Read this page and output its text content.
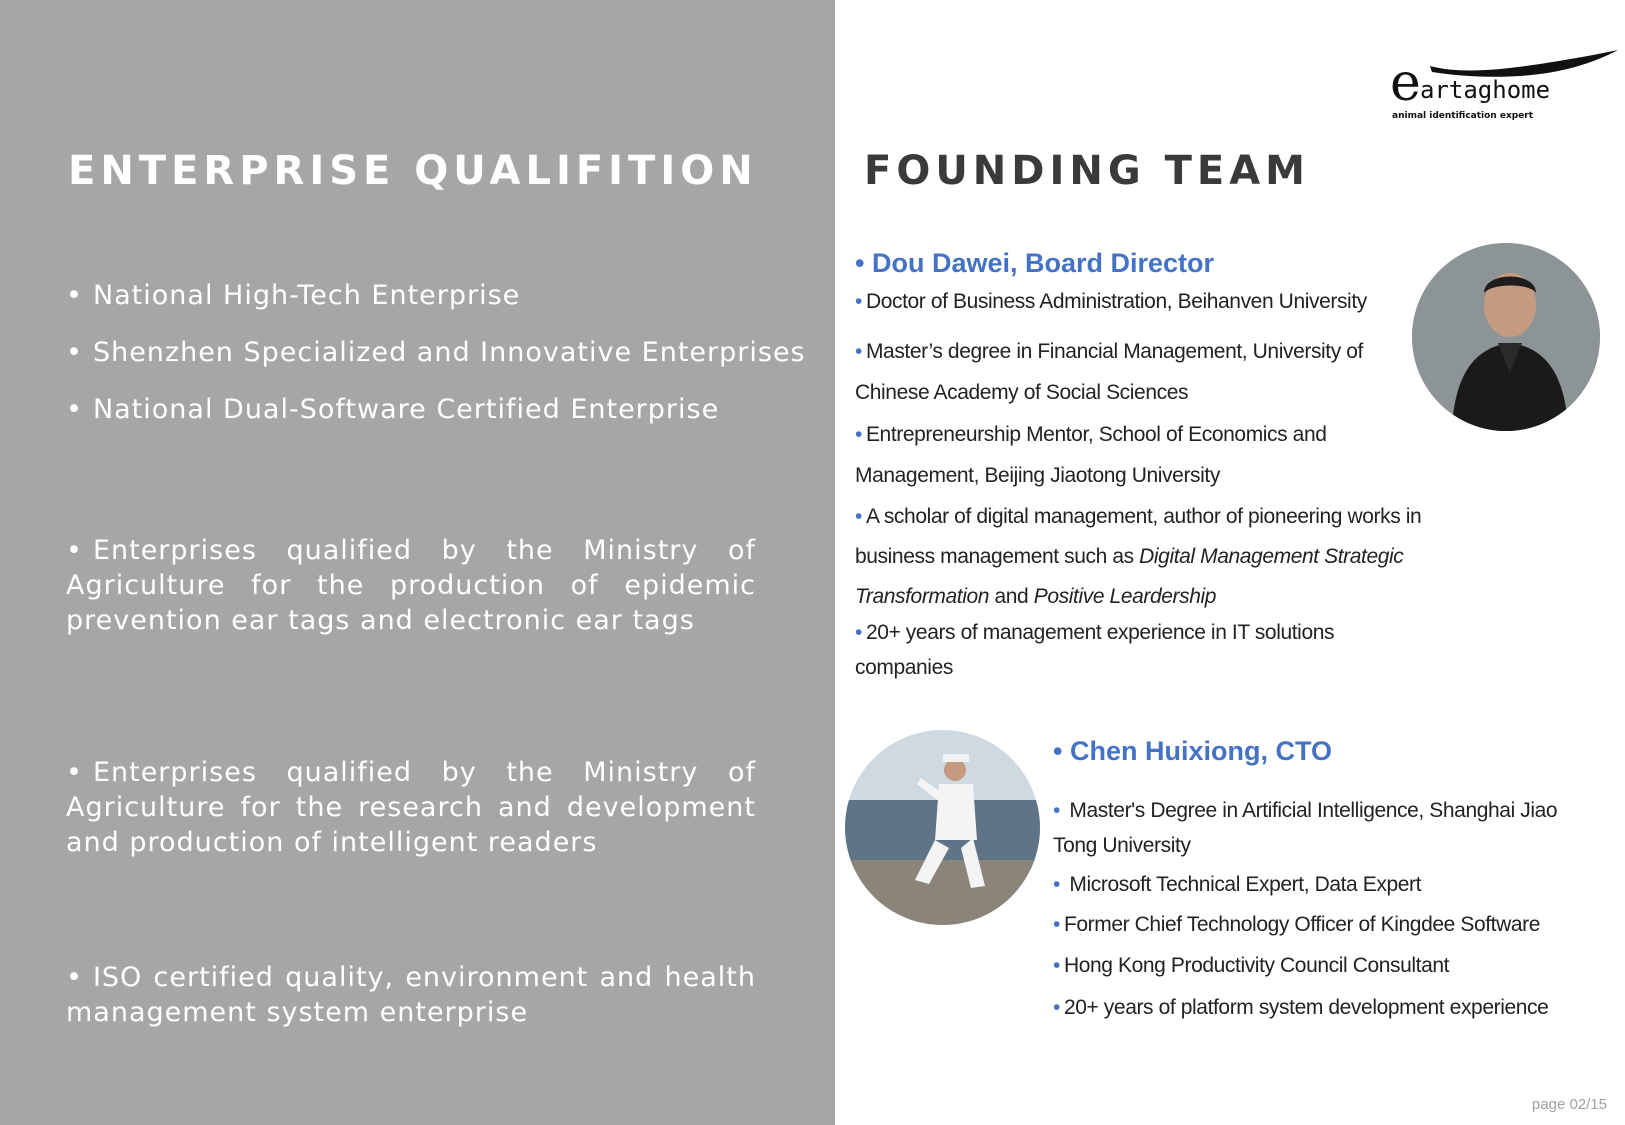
e artaghome
animal identification expert
ENTERPRISE QUALIFITION	FOUNDING TEAM
• National High-Tech Enterprise
• Shenzhen Specialized and Innovative Enterprises
• National Dual-Software Certified Enterprise
• Enterprises qualified by the Ministry of Agriculture for the production of epidemic prevention ear tags and electronic ear tags
• Enterprises qualified by the Ministry of Agriculture for the research and development and production of intelligent readers
• ISO certified quality, environment and health management system enterprise
• Dou Dawei, Board Director
• Doctor of Business Administration, Beihanven University
• Master’s degree in Financial Management, University of Chinese Academy of Social Sciences
• Entrepreneurship Mentor, School of Economics and Management, Beijing Jiaotong University
• A scholar of digital management, author of pioneering works in business management such as Digital Management Strategic Transformation and Positive Leardership
• 20+ years of management experience in IT solutions companies
• Chen Huixiong, CTO
• Master's Degree in Artificial Intelligence, Shanghai Jiao Tong University
• Microsoft Technical Expert, Data Expert
• Former Chief Technology Officer of Kingdee Software
• Hong Kong Productivity Council Consultant
• 20+ years of platform system development experience
page 02/15
